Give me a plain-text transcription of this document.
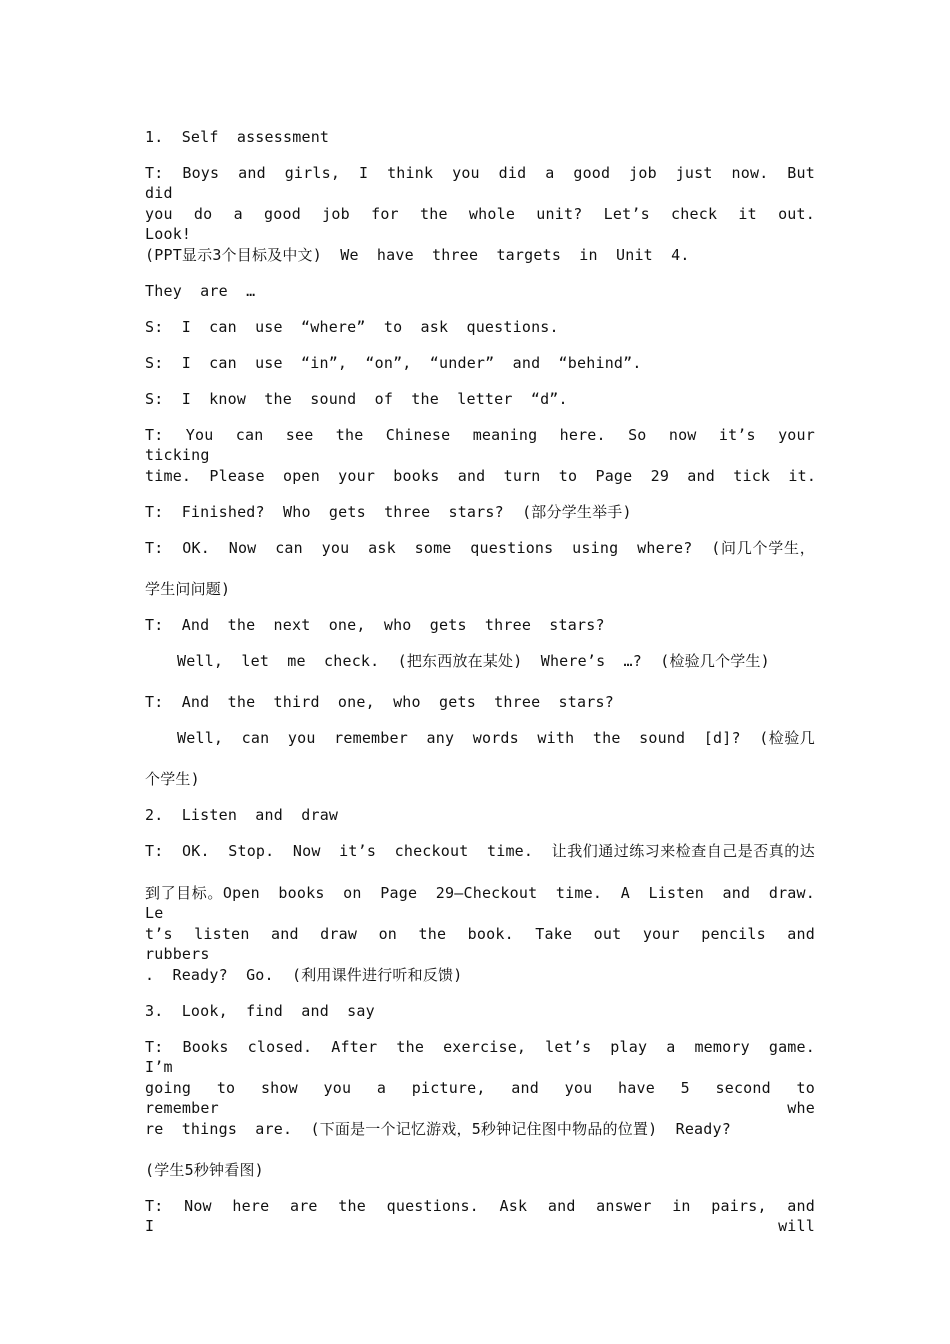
1. Self assessment
T: Boys and girls, I think you did a good job just now. But did
you do a good job for the whole unit? Let’s check it out. Look!
(PPT显示3个目标及中文) We have three targets in Unit 4.
They are …
S: I can use “where” to ask questions.
S: I can use “in”, “on”, “under” and “behind”.
S: I know the sound of the letter “d”.
T: You can see the Chinese meaning here. So now it’s your ticking
time. Please open your books and turn to Page 29 and tick it.
T: Finished? Who gets three stars? (部分学生举手)
T: OK. Now can you ask some questions using where? (问几个学生，
学生问问题)
T: And the next one, who gets three stars?
Well, let me check. (把东西放在某处) Where’s …? (检验几个学生)
T: And the third one, who gets three stars?
Well, can you remember any words with the sound [d]? (检验几
个学生)
2. Listen and draw
T: OK. Stop. Now it’s checkout time. 让我们通过练习来检查自己是否真的达
到了目标。Open books on Page 29—Checkout time. A Listen and draw. Le
t’s listen and draw on the book. Take out your pencils and rubbers
. Ready? Go. (利用课件进行听和反馈)
3. Look, find and say
T: Books closed. After the exercise, let’s play a memory game. I’m
going to show you a picture, and you have 5 second to remember whe
re things are. (下面是一个记忆游戏，5秒钟记住图中物品的位置) Ready?
(学生5秒钟看图)
T: Now here are the questions. Ask and answer in pairs, and I will
